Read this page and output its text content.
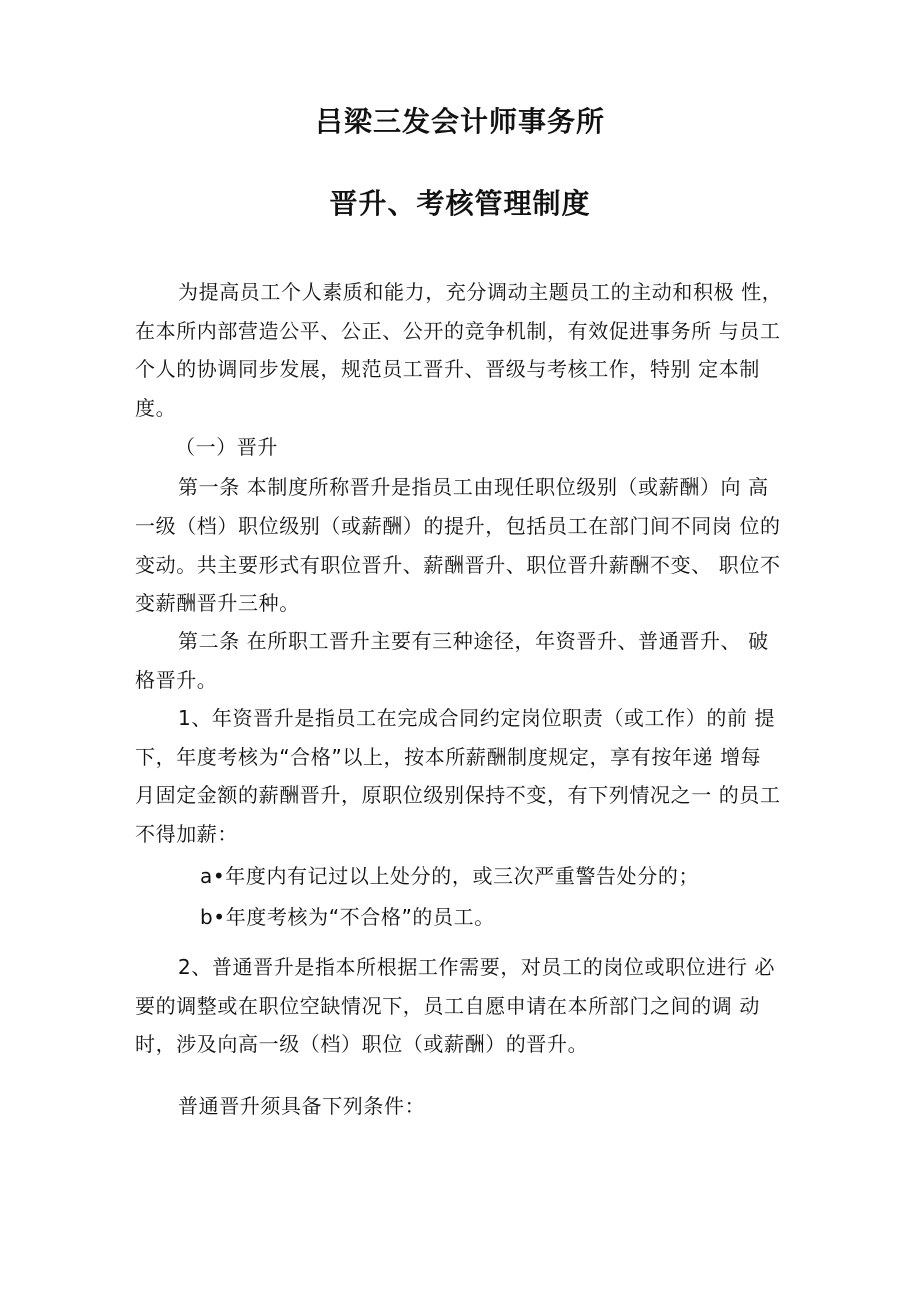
吕梁三发会计师事务所
晋升、考核管理制度
为提高员工个人素质和能力，充分调动主题员工的主动和积极 性，
在本所内部营造公平、公正、公开的竞争机制，有效促进事务所 与员工
个人的协调同步发展，规范员工晋升、晋级与考核工作，特别 定本制
度。
（一）晋升
第一条 本制度所称晋升是指员工由现任职位级别（或薪酬）向 高
一级（档）职位级别（或薪酬）的提升，包括员工在部门间不同岗 位的
变动。共主要形式有职位晋升、薪酬晋升、职位晋升薪酬不变、 职位不
变薪酬晋升三种。
第二条 在所职工晋升主要有三种途径，年资晋升、普通晋升、 破
格晋升。
1、年资晋升是指员工在完成合同约定岗位职责（或工作）的前 提
下，年度考核为“合格”以上，按本所薪酬制度规定，享有按年递 增每
月固定金额的薪酬晋升，原职位级别保持不变，有下列情况之一 的员工
不得加薪：
a•年度内有记过以上处分的，或三次严重警告处分的；
b•年度考核为“不合格”的员工。
2、普通晋升是指本所根据工作需要，对员工的岗位或职位进行 必
要的调整或在职位空缺情况下，员工自愿申请在本所部门之间的调 动
时，涉及向高一级（档）职位（或薪酬）的晋升。
普通晋升须具备下列条件：
